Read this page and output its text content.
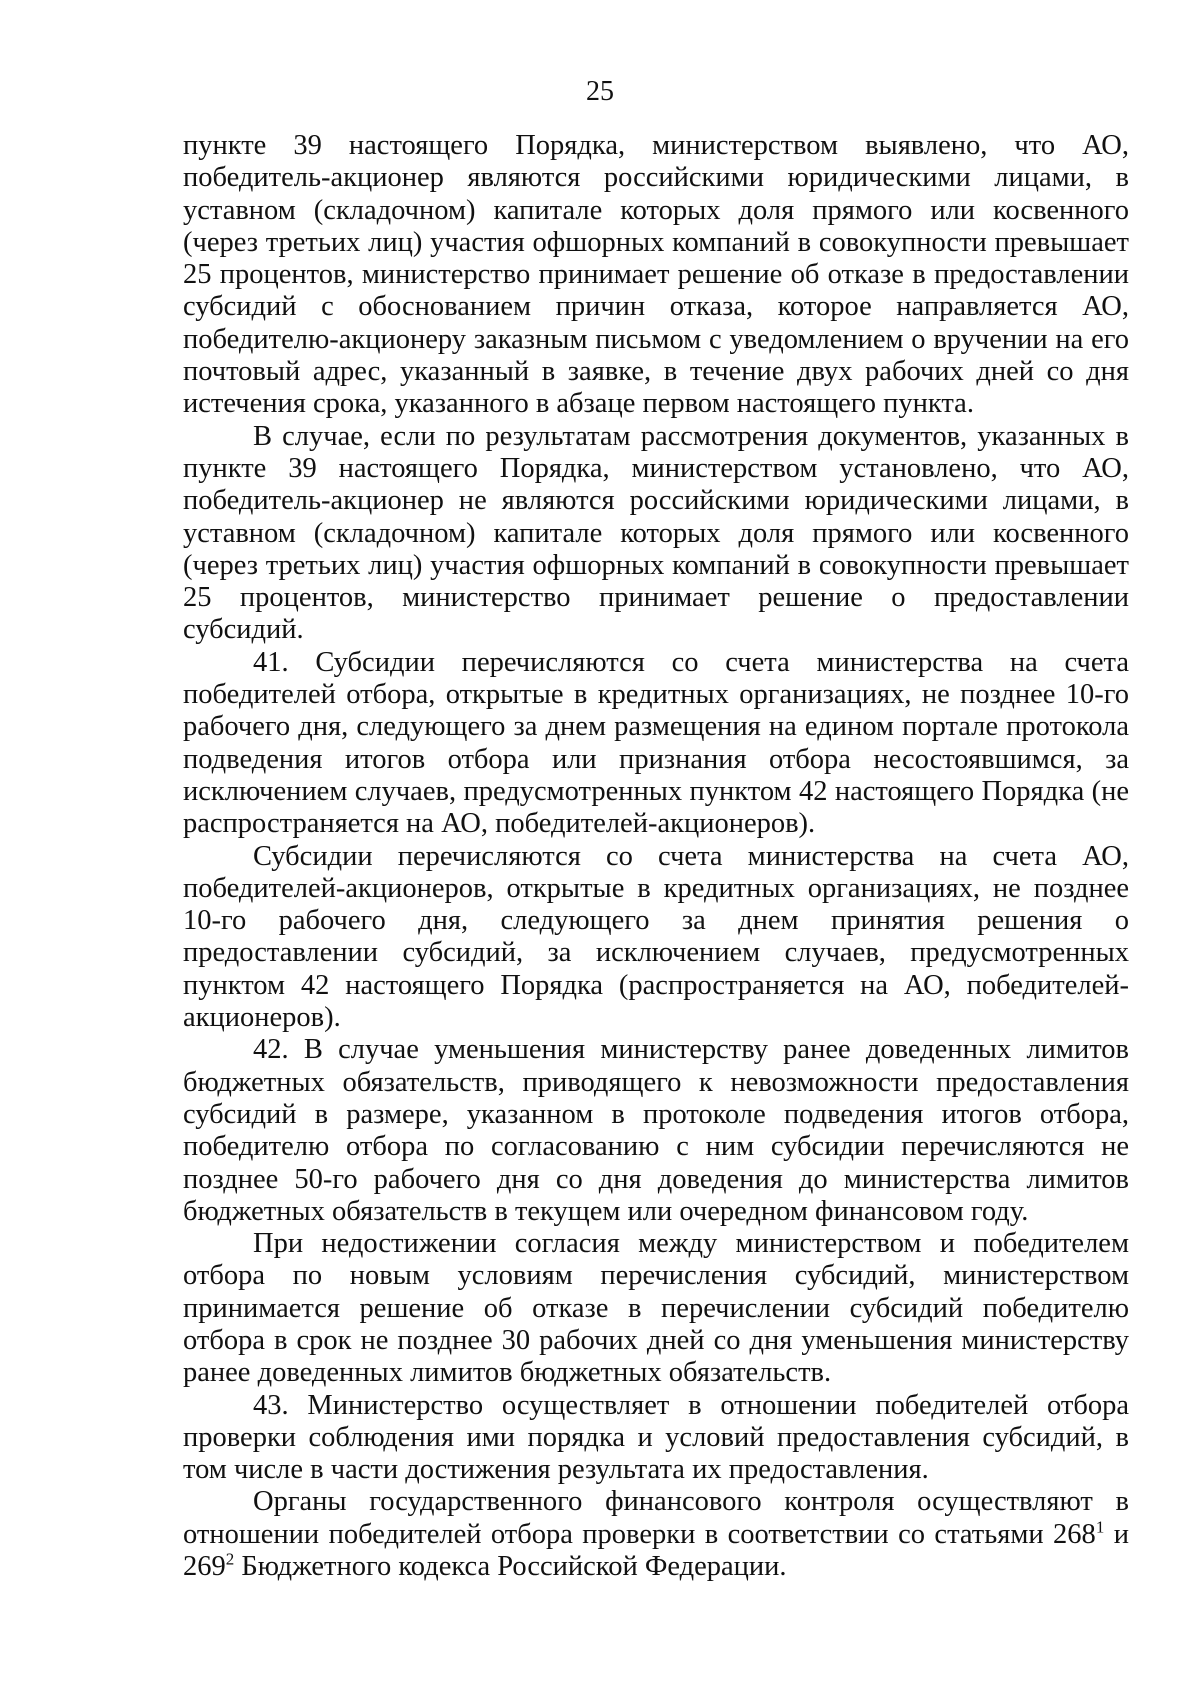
25

пункте 39 настоящего Порядка, министерством выявлено, что АО, победитель-акционер являются российскими юридическими лицами, в уставном (складочном) капитале которых доля прямого или косвенного (через третьих лиц) участия офшорных компаний в совокупности превышает 25 процентов, министерство принимает решение об отказе в предоставлении субсидий с обоснованием причин отказа, которое направляется АО, победителю-акционеру заказным письмом с уведомлением о вручении на его почтовый адрес, указанный в заявке, в течение двух рабочих дней со дня истечения срока, указанного в абзаце первом настоящего пункта.

В случае, если по результатам рассмотрения документов, указанных в пункте 39 настоящего Порядка, министерством установлено, что АО, победитель-акционер не являются российскими юридическими лицами, в уставном (складочном) капитале которых доля прямого или косвенного (через третьих лиц) участия офшорных компаний в совокупности превышает 25 процентов, министерство принимает решение о предоставлении субсидий.

41. Субсидии перечисляются со счета министерства на счета победителей отбора, открытые в кредитных организациях, не позднее 10-го рабочего дня, следующего за днем размещения на едином портале протокола подведения итогов отбора или признания отбора несостоявшимся, за исключением случаев, предусмотренных пунктом 42 настоящего Порядка (не распространяется на АО, победителей-акционеров).

Субсидии перечисляются со счета министерства на счета АО, победителей-акционеров, открытые в кредитных организациях, не позднее 10-го рабочего дня, следующего за днем принятия решения о предоставлении субсидий, за исключением случаев, предусмотренных пунктом 42 настоящего Порядка (распространяется на АО, победителей-акционеров).

42. В случае уменьшения министерству ранее доведенных лимитов бюджетных обязательств, приводящего к невозможности предоставления субсидий в размере, указанном в протоколе подведения итогов отбора, победителю отбора по согласованию с ним субсидии перечисляются не позднее 50-го рабочего дня со дня доведения до министерства лимитов бюджетных обязательств в текущем или очередном финансовом году.

При недостижении согласия между министерством и победителем отбора по новым условиям перечисления субсидий, министерством принимается решение об отказе в перечислении субсидий победителю отбора в срок не позднее 30 рабочих дней со дня уменьшения министерству ранее доведенных лимитов бюджетных обязательств.

43. Министерство осуществляет в отношении победителей отбора проверки соблюдения ими порядка и условий предоставления субсидий, в том числе в части достижения результата их предоставления.

Органы государственного финансового контроля осуществляют в отношении победителей отбора проверки в соответствии со статьями $268^1$ и $269^2$ Бюджетного кодекса Российской Федерации.
